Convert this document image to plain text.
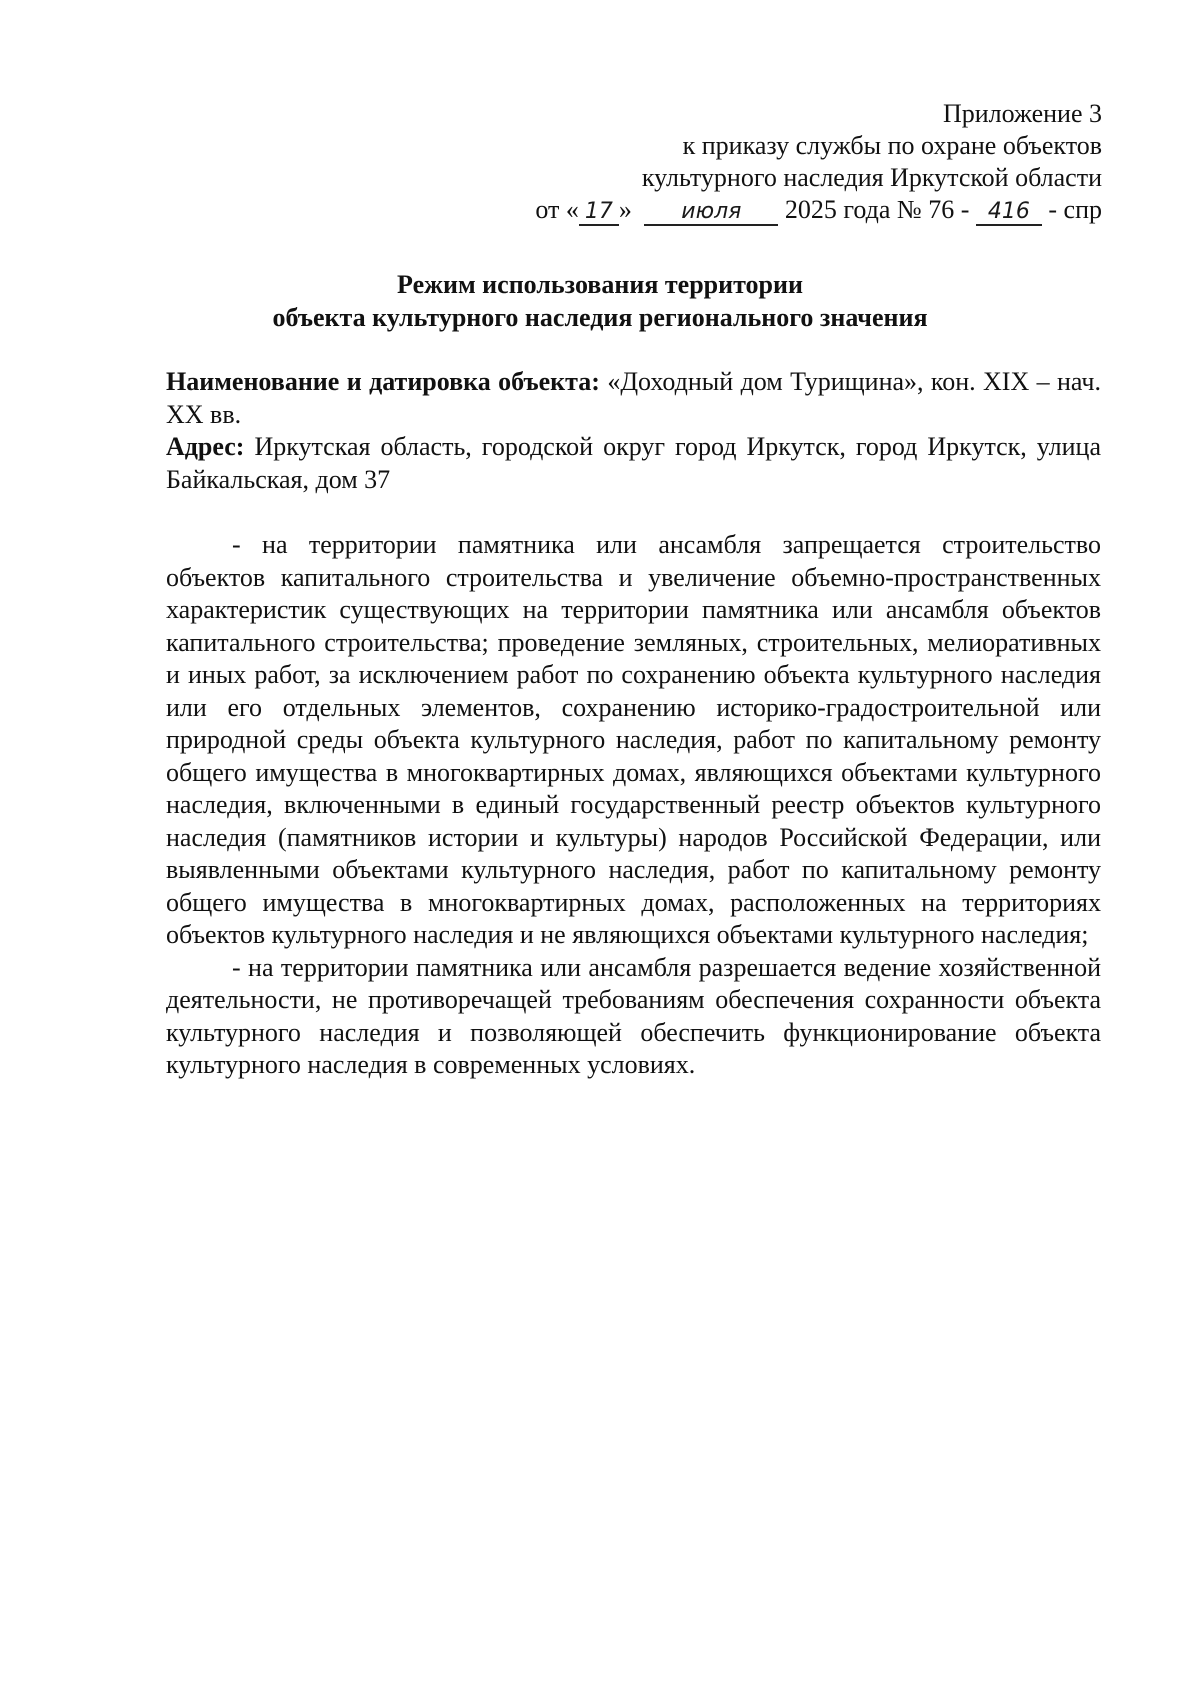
Приложение 3
к приказу службы по охране объектов
культурного наследия Иркутской области
от « 17 » июля 2025 года № 76 - 416 - спр
Режим использования территории
объекта культурного наследия регионального значения

Наименование и датировка объекта: «Доходный дом Турищина», кон. XIX – нач. XX вв.

Адрес: Иркутская область, городской округ город Иркутск, город Иркутск, улица Байкальская, дом 37

- на территории памятника или ансамбля запрещается строительство объектов капитального строительства и увеличение объемно-пространственных характеристик существующих на территории памятника или ансамбля объектов капитального строительства; проведение земляных, строительных, мелиоративных и иных работ, за исключением работ по сохранению объекта культурного наследия или его отдельных элементов, сохранению историко-градостроительной или природной среды объекта культурного наследия, работ по капитальному ремонту общего имущества в многоквартирных домах, являющихся объектами культурного наследия, включенными в единый государственный реестр объектов культурного наследия (памятников истории и культуры) народов Российской Федерации, или выявленными объектами культурного наследия, работ по капитальному ремонту общего имущества в многоквартирных домах, расположенных на территориях объектов культурного наследия и не являющихся объектами культурного наследия;

- на территории памятника или ансамбля разрешается ведение хозяйственной деятельности, не противоречащей требованиям обеспечения сохранности объекта культурного наследия и позволяющей обеспечить функционирование объекта культурного наследия в современных условиях.
